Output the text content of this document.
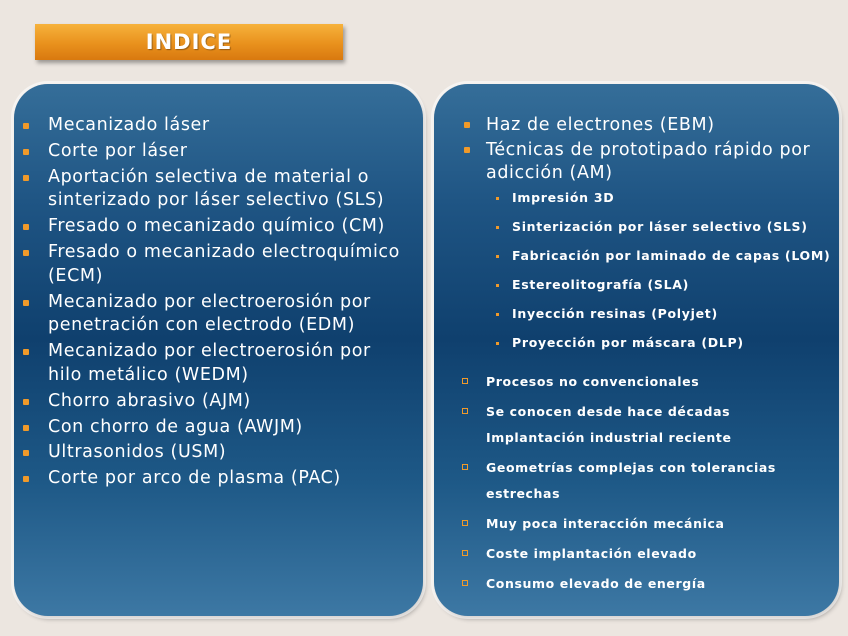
INDICE
Mecanizado láser
Corte por láser
Aportación selectiva de material o sinterizado por láser selectivo (SLS)
Fresado o mecanizado químico (CM)
Fresado o mecanizado electroquímico (ECM)
Mecanizado por electroerosión por penetración con electrodo (EDM)
Mecanizado por electroerosión por hilo metálico (WEDM)
Chorro abrasivo (AJM)
Con chorro de agua (AWJM)
Ultrasonidos (USM)
Corte por arco de plasma (PAC)
Haz de electrones (EBM)
Técnicas de prototipado rápido por adicción (AM)
Impresión 3D
Sinterización por láser selectivo (SLS)
Fabricación por laminado de capas (LOM)
Estereolitografía (SLA)
Inyección resinas (Polyjet)
Proyección por máscara (DLP)
Procesos no convencionales
Se conocen desde hace décadas
Implantación industrial reciente
Geometrías complejas con tolerancias estrechas
Muy poca interacción mecánica
Coste implantación elevado
Consumo elevado de energía
